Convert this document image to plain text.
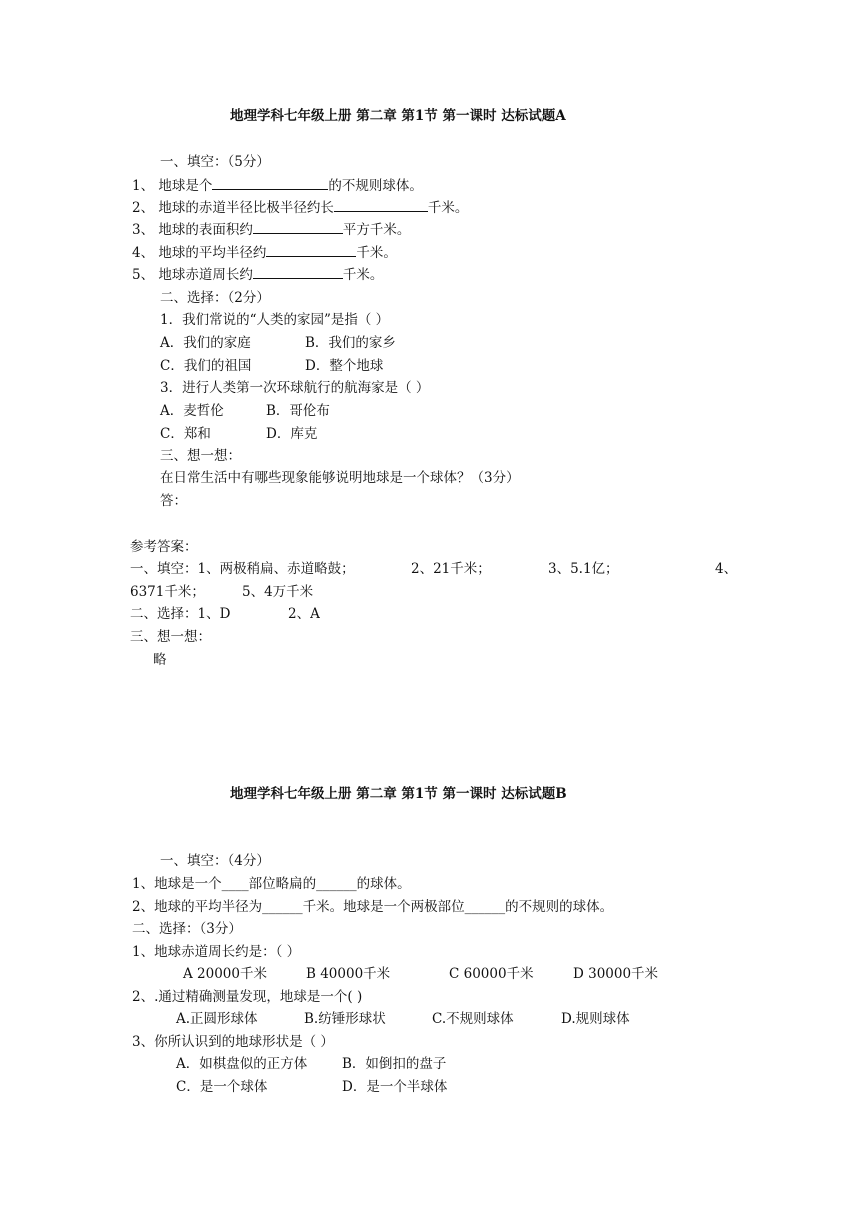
地理学科七年级上册 第二章 第1节 第一课时 达标试题A
一、填空：（5分）
1、 地球是个	的不规则球体。
2、 地球的赤道半径比极半径约长	千米。
3、 地球的表面积约	平方千米。
4、 地球的平均半径约	千米。
5、 地球赤道周长约	千米。
二、选择：（2分）
1．我们常说的“人类的家园”是指（ ）
A．我们的家庭	B．我们的家乡
C．我们的祖国	D．整个地球
3．进行人类第一次环球航行的航海家是（ ）
A．麦哲伦	B．哥伦布
C．郑和	D．库克
三、想一想：
在日常生活中有哪些现象能够说明地球是一个球体？（3分）
答：
参考答案：
一、填空：1、两极稍扁、赤道略鼓；	2、21千米；	3、5.1亿；	4、
6371千米；	5、4万千米
二、选择：1、D	2、A
三、想一想：
略
地理学科七年级上册 第二章 第1节 第一课时 达标试题B
一、填空：（4分）
1、地球是一个____部位略扁的______的球体。
2、地球的平均半径为______千米。地球是一个两极部位______的不规则的球体。
二、选择：（3分）
1、地球赤道周长约是：（ ）
A 20000千米	B 40000千米	C 60000千米	D 30000千米
2、.通过精确测量发现，地球是一个( )
A.正圆形球体	B.纺锤形球状	C.不规则球体	D.规则球体
3、你所认识到的地球形状是（ ）
A．如棋盘似的正方体	B．如倒扣的盘子
C．是一个球体	D．是一个半球体
